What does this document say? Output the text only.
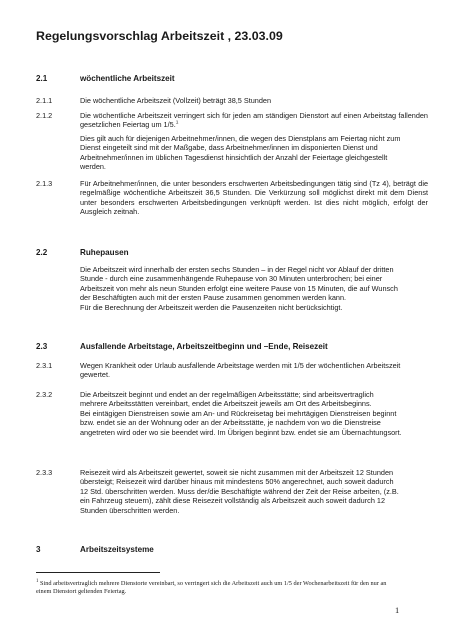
Regelungsvorschlag Arbeitszeit , 23.03.09
2.1	wöchentliche Arbeitszeit
2.1.1	Die wöchentliche Arbeitszeit (Vollzeit) beträgt 38,5 Stunden
2.1.2	Die wöchentliche Arbeitszeit verringert sich für jeden am ständigen Dienstort auf einen Arbeitstag fallenden gesetzlichen Feiertag um 1/5.$^1$

Dies gilt auch für diejenigen Arbeitnehmer/innen, die wegen des Dienstplans am Feiertag nicht zum Dienst eingeteilt sind mit der Maßgabe, dass Arbeitnehmer/innen im disponierten Dienst und Arbeitnehmer/innen im üblichen Tagesdienst hinsichtlich der Anzahl der Feiertage gleichgestellt werden.

2.1.3	Für Arbeitnehmer/innen, die unter besonders erschwerten Arbeitsbedingungen tätig sind (Tz 4), beträgt die regelmäßige wöchentliche Arbeitszeit 36,5 Stunden. Die Verkürzung soll möglichst direkt mit dem Dienst unter besonders erschwerten Arbeitsbedingungen verknüpft werden. Ist dies nicht möglich, erfolgt der Ausgleich zeitnah.
2.2	Ruhepausen

Die Arbeitszeit wird innerhalb der ersten sechs Stunden – in der Regel nicht vor Ablauf der dritten Stunde - durch eine zusammenhängende Ruhepause von 30 Minuten unterbrochen; bei einer Arbeitszeit von mehr als neun Stunden erfolgt eine weitere Pause von 15 Minuten, die auf Wunsch der Beschäftigten auch mit der ersten Pause zusammen genommen werden kann.

Für die Berechnung der Arbeitszeit werden die Pausenzeiten nicht berücksichtigt.

2.3	Ausfallende Arbeitstage, Arbeitszeitbeginn und –Ende, Reisezeit
2.3.1	Wegen Krankheit oder Urlaub ausfallende Arbeitstage werden mit 1/5 der wöchentlichen Arbeitszeit gewertet.
2.3.2	Die Arbeitszeit beginnt und endet an der regelmäßigen Arbeitsstätte; sind arbeitsvertraglich mehrere Arbeitsstätten vereinbart, endet die Arbeitszeit jeweils am Ort des Arbeitsbeginns.
Bei eintägigen Dienstreisen sowie am An- und Rückreisetag bei mehrtägigen Dienstreisen beginnt bzw. endet sie an der Wohnung oder an der Arbeitsstätte, je nachdem von wo die Dienstreise angetreten wird oder wo sie beendet wird. Im Übrigen beginnt bzw. endet sie am Übernachtungsort.
2.3.3	Reisezeit wird als Arbeitszeit gewertet, soweit sie nicht zusammen mit der Arbeitszeit 12 Stunden übersteigt; Reisezeit wird darüber hinaus mit mindestens 50% angerechnet, auch soweit dadurch 12 Std. überschritten werden. Muss der/die Beschäftigte während der Zeit der Reise arbeiten, (z.B. ein Fahrzeug steuern), zählt diese Reisezeit vollständig als Arbeitszeit auch soweit dadurch 12 Stunden überschritten werden.
3	Arbeitszeitsysteme
$^1$ Sind arbeitsvertraglich mehrere Dienstorte vereinbart, so verringert sich die Arbeitszeit auch um 1/5 der Wochenarbeitszeit für den nur an einem Dienstort geltenden Feiertag.
1
